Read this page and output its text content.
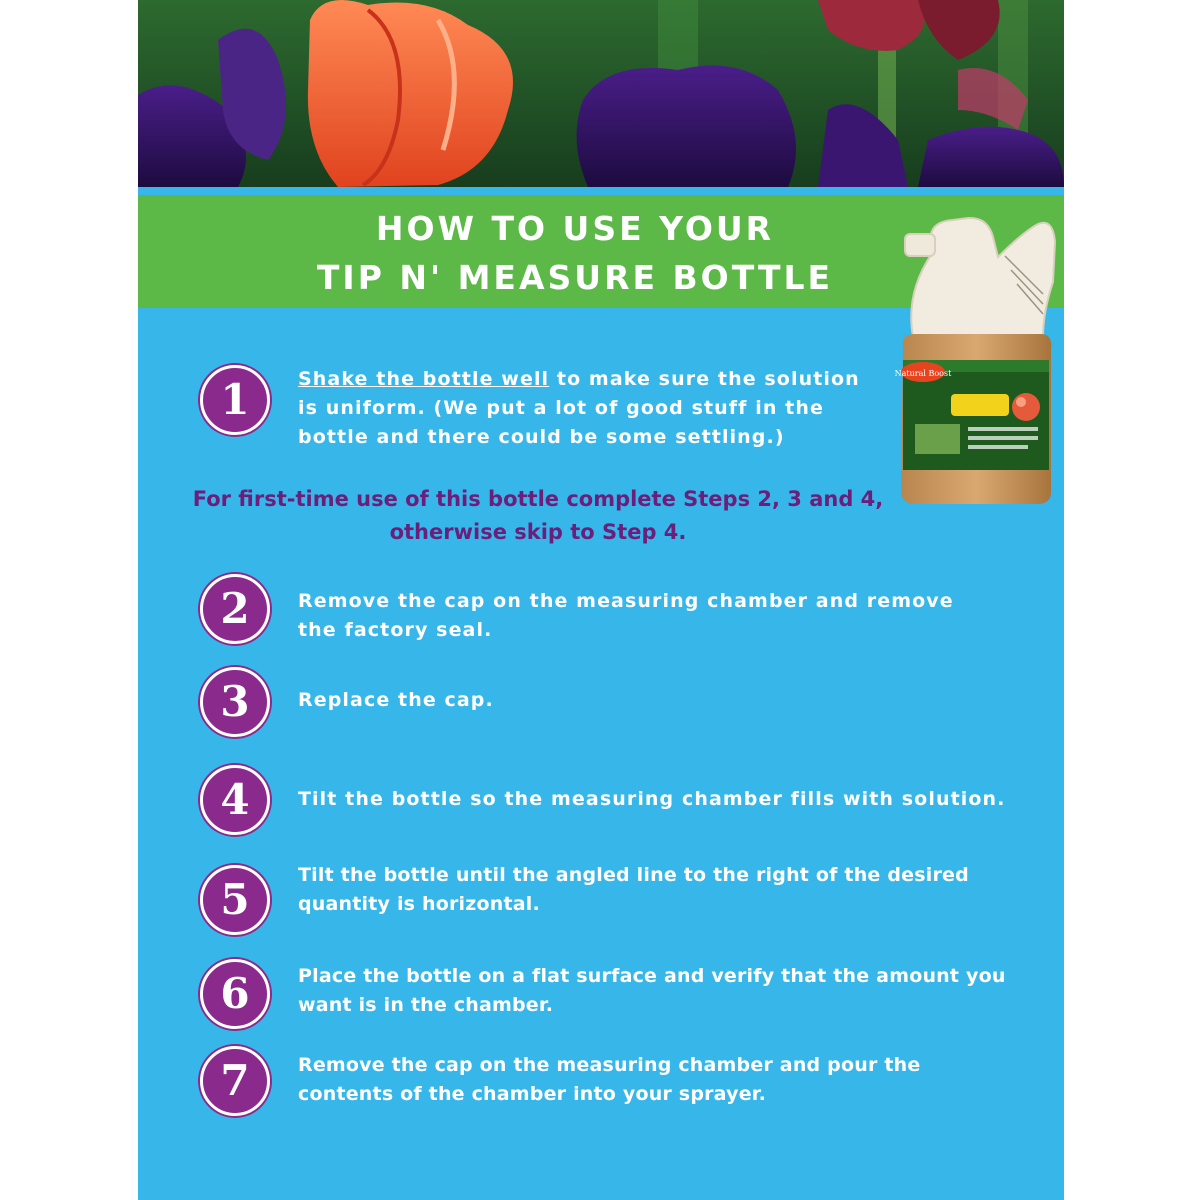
HOW TO USE YOUR
TIP N' MEASURE BOTTLE
Natural Boost
1	Shake the bottle well to make sure the solution
is uniform. (We put a lot of good stuff in the
bottle and there could be some settling.)
For first-time use of this bottle complete Steps 2, 3 and 4,
otherwise skip to Step 4.
2	Remove the cap on the measuring chamber and remove
the factory seal.
3	Replace the cap.
4	Tilt the bottle so the measuring chamber fills with solution.
5	Tilt the bottle until the angled line to the right of the desired
quantity is horizontal.
6	Place the bottle on a flat surface and verify that the amount you
want is in the chamber.
7	Remove the cap on the measuring chamber and pour the
contents of the chamber into your sprayer.
